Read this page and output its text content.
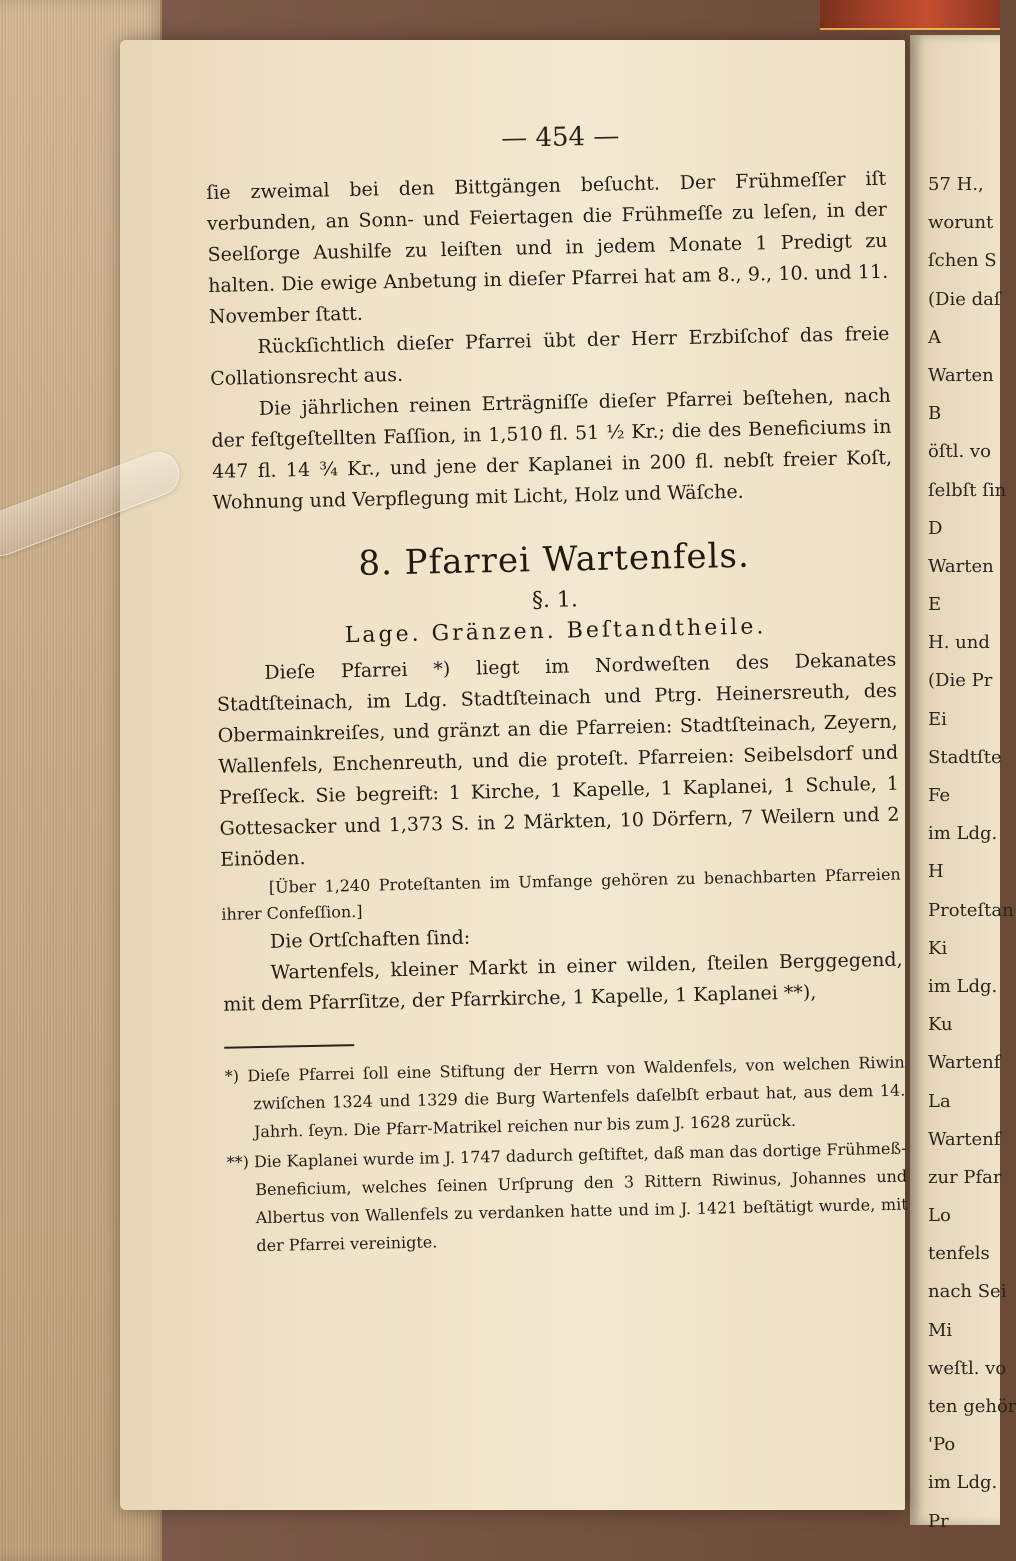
— 454 —

ſie zweimal bei den Bittgängen beſucht. Der Frühmeſſer iſt verbunden, an Sonn- und Feiertagen die Frühmeſſe zu leſen, in der Seelſorge Aushilfe zu leiſten und in jedem Monate 1 Predigt zu halten. Die ewige Anbetung in dieſer Pfarrei hat am 8., 9., 10. und 11. November ſtatt.

Rückſichtlich dieſer Pfarrei übt der Herr Erzbiſchof das freie Collationsrecht aus.

Die jährlichen reinen Erträgniſſe dieſer Pfarrei beſtehen, nach der feſtgeſtellten Faſſion, in 1,510 fl. 51 ½ Kr.; die des Beneficiums in 447 fl. 14 ¾ Kr., und jene der Kaplanei in 200 fl. nebſt freier Koſt, Wohnung und Verpflegung mit Licht, Holz und Wäſche.

8. Pfarrei Wartenfels.
§. 1.
Lage. Gränzen. Beſtandtheile.

Dieſe Pfarrei *) liegt im Nordweſten des Dekanates Stadtſteinach, im Ldg. Stadtſteinach und Ptrg. Heinersreuth, des Obermainkreiſes, und gränzt an die Pfarreien: Stadtſteinach, Zeyern, Wallenfels, Enchenreuth, und die proteſt. Pfarreien: Seibelsdorf und Preſſeck. Sie begreift: 1 Kirche, 1 Kapelle, 1 Kaplanei, 1 Schule, 1 Gottesacker und 1,373 S. in 2 Märkten, 10 Dörfern, 7 Weilern und 2 Einöden.

[Über 1,240 Proteſtanten im Umfange gehören zu benachbarten Pfarreien ihrer Confeſſion.]

Die Ortſchaften ſind:

Wartenfels, kleiner Markt in einer wilden, ſteilen Berggegend, mit dem Pfarrſitze, der Pfarrkirche, 1 Kapelle, 1 Kaplanei **),

*) Dieſe Pfarrei ſoll eine Stiftung der Herrn von Waldenfels, von welchen Riwin zwiſchen 1324 und 1329 die Burg Wartenfels daſelbſt erbaut hat, aus dem 14. Jahrh. ſeyn. Die Pfarr-Matrikel reichen nur bis zum J. 1628 zurück.

**) Die Kaplanei wurde im J. 1747 dadurch geſtiftet, daß man das dortige Frühmeß-Beneficium, welches ſeinen Urſprung den 3 Rittern Riwinus, Johannes und Albertus von Wallenfels zu verdanken hatte und im J. 1421 beſtätigt wurde, mit der Pfarrei vereinigte.

57 H.,
worunt
ſchen S
(Die daſ
A
Warten
B
öſtl. vo
ſelbſt ſin
D
Warten
E
H. und
(Die Pr
Ei
Stadtſte
Fe
im Ldg.
H
Proteſtan
Ki
im Ldg.
Ku
Wartenf
La
Wartenf
zur Pfar
Lo
tenfels
nach Sei
Mi
weſtl. vo
ten gehör
'Po
im Ldg.
Pr
